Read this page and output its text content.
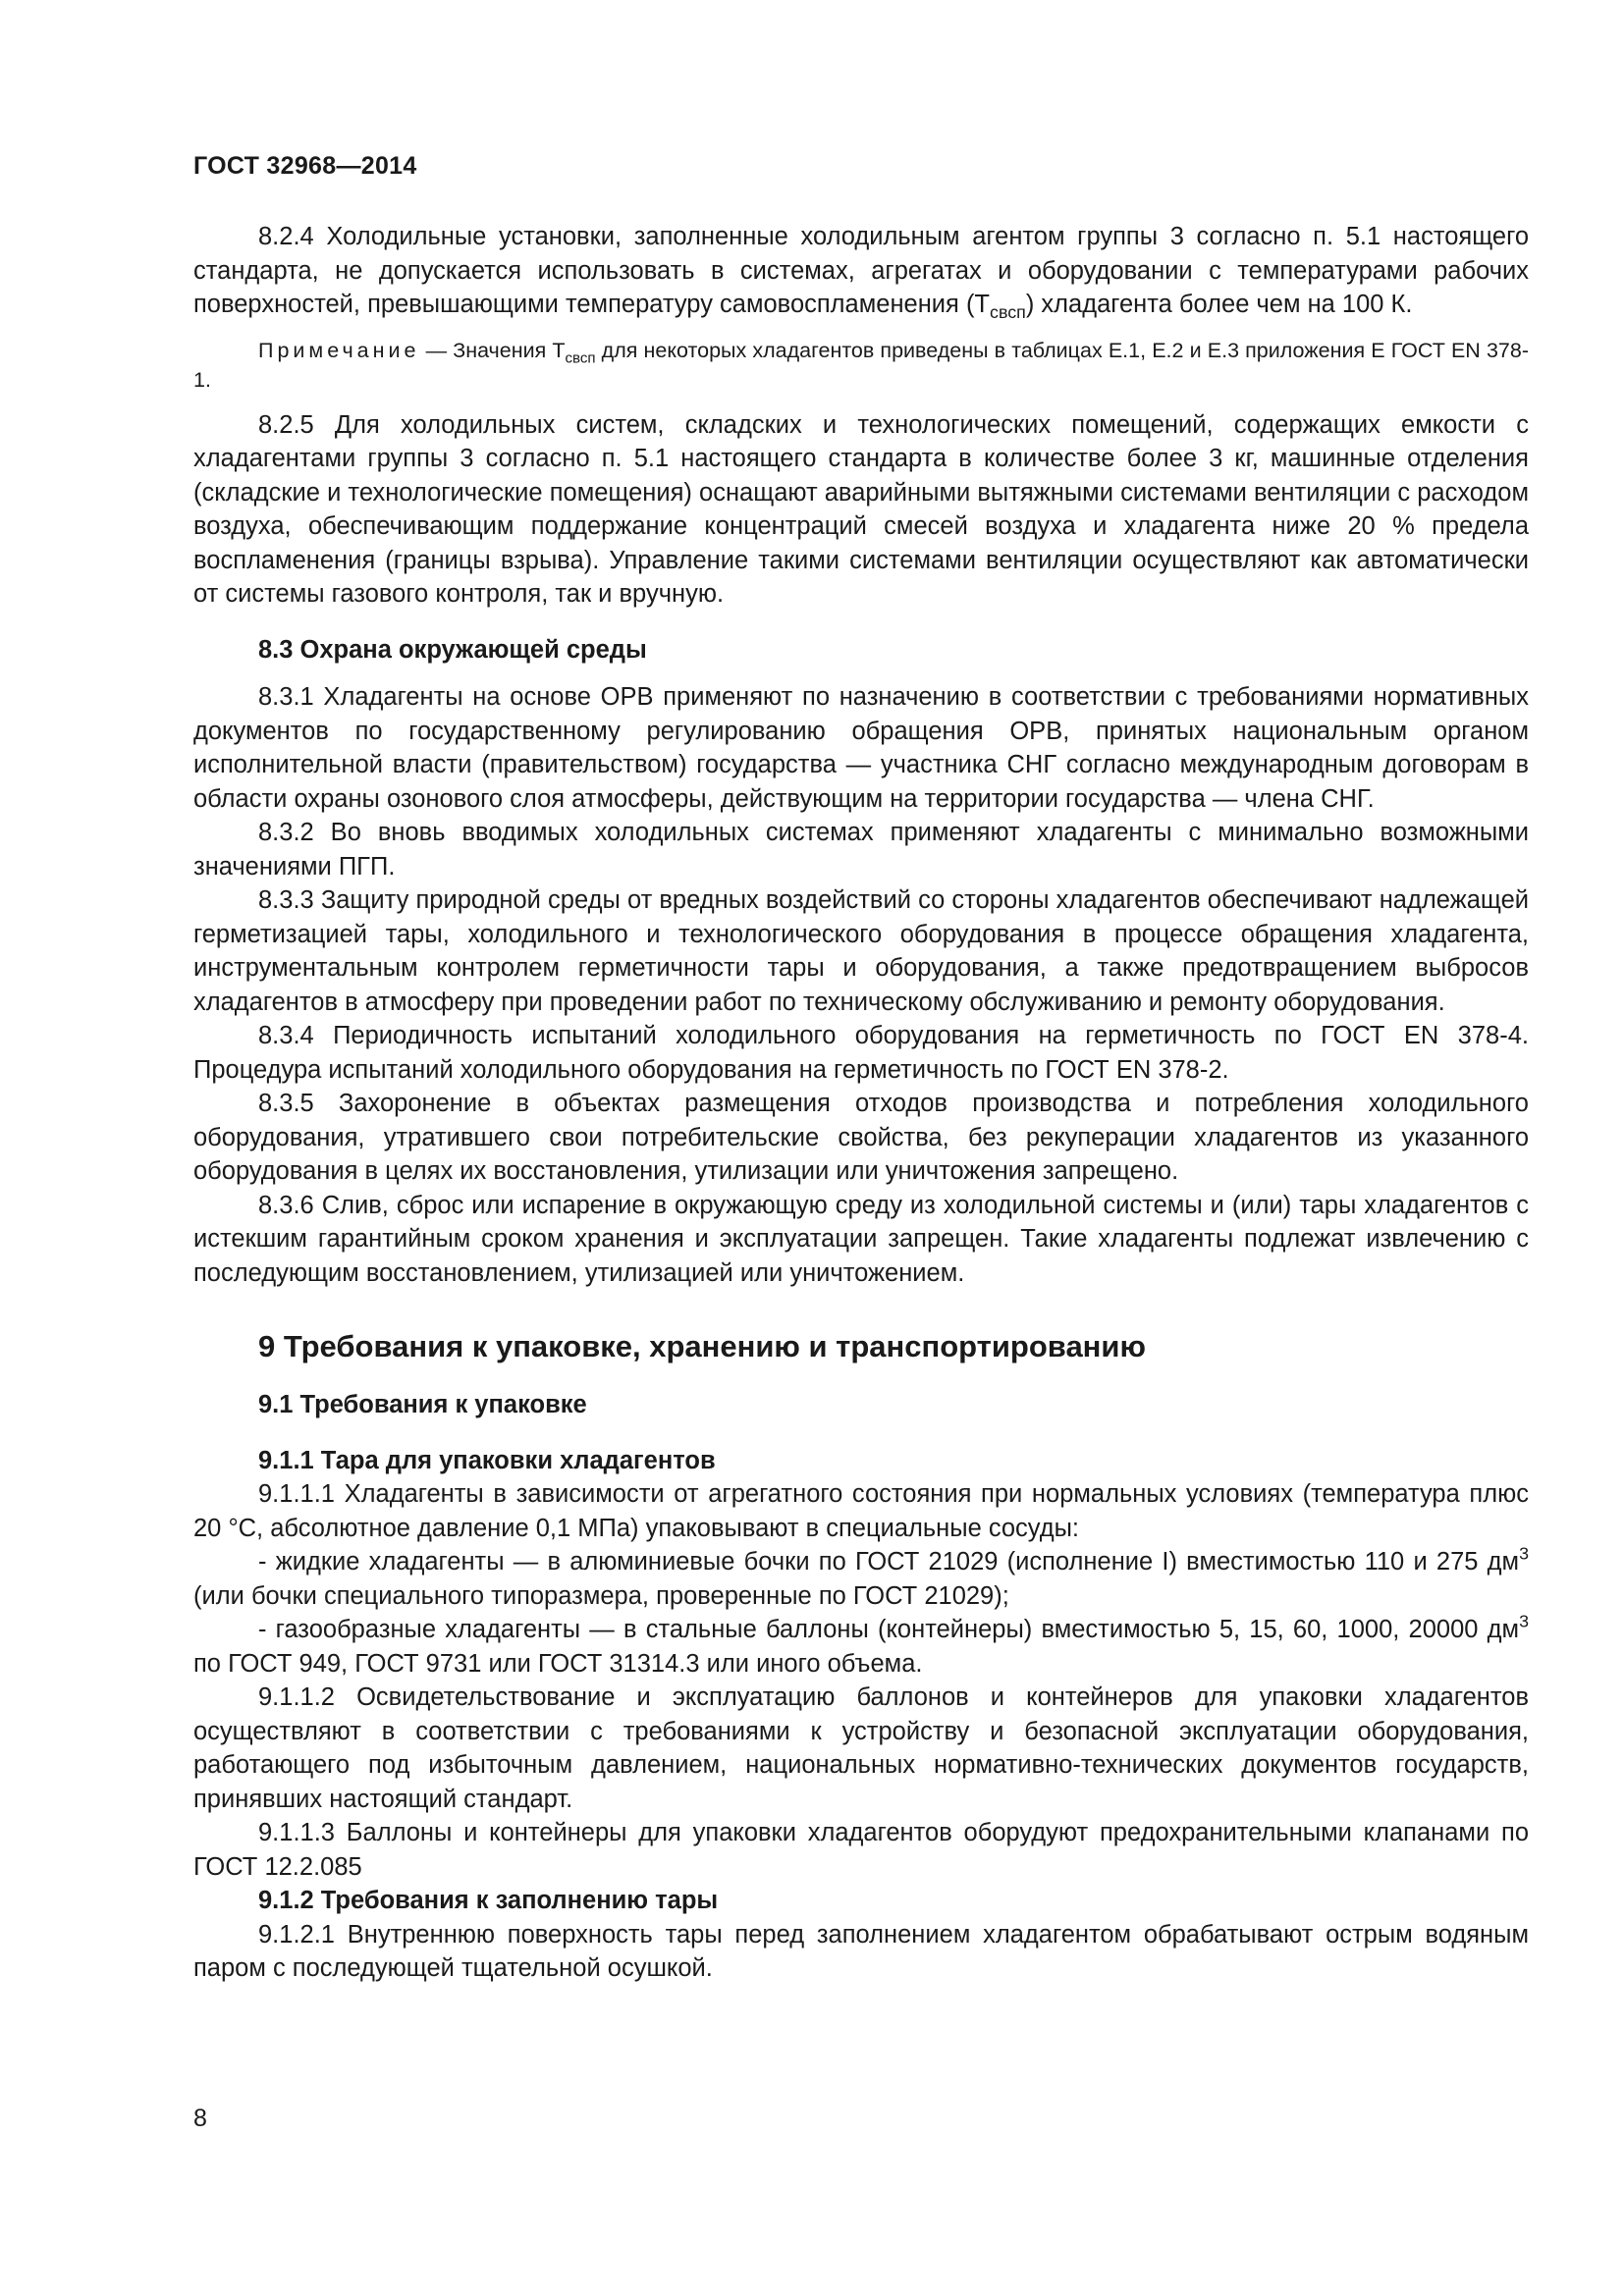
ГОСТ 32968—2014

8.2.4 Холодильные установки, заполненные холодильным агентом группы 3 согласно п. 5.1 настоящего стандарта, не допускается использовать в системах, агрегатах и оборудовании с температурами рабочих поверхностей, превышающими температуру самовоспламенения $(Т_{свсп})$ хладагента более чем на 100 К.

Примечание — Значения $Т_{свсп}$ для некоторых хладагентов приведены в таблицах Е.1, Е.2 и Е.3 приложения Е ГОСТ EN 378-1.

8.2.5 Для холодильных систем, складских и технологических помещений, содержащих емкости с хладагентами группы 3 согласно п. 5.1 настоящего стандарта в количестве более 3 кг, машинные отделения (складские и технологические помещения) оснащают аварийными вытяжными системами вентиляции с расходом воздуха, обеспечивающим поддержание концентраций смесей воздуха и хладагента ниже 20 % предела воспламенения (границы взрыва). Управление такими системами вентиляции осуществляют как автоматически от системы газового контроля, так и вручную.

8.3 Охрана окружающей среды

8.3.1 Хладагенты на основе ОРВ применяют по назначению в соответствии с требованиями нормативных документов по государственному регулированию обращения ОРВ, принятых национальным органом исполнительной власти (правительством) государства — участника СНГ согласно международным договорам в области охраны озонового слоя атмосферы, действующим на территории государства — члена СНГ.

8.3.2 Во вновь вводимых холодильных системах применяют хладагенты с минимально возможными значениями ПГП.

8.3.3 Защиту природной среды от вредных воздействий со стороны хладагентов обеспечивают надлежащей герметизацией тары, холодильного и технологического оборудования в процессе обращения хладагента, инструментальным контролем герметичности тары и оборудования, а также предотвращением выбросов хладагентов в атмосферу при проведении работ по техническому обслуживанию и ремонту оборудования.

8.3.4 Периодичность испытаний холодильного оборудования на герметичность по ГОСТ EN 378-4. Процедура испытаний холодильного оборудования на герметичность по ГОСТ EN 378-2.

8.3.5 Захоронение в объектах размещения отходов производства и потребления холодильного оборудования, утратившего свои потребительские свойства, без рекуперации хладагентов из указанного оборудования в целях их восстановления, утилизации или уничтожения запрещено.

8.3.6 Слив, сброс или испарение в окружающую среду из холодильной системы и (или) тары хладагентов с истекшим гарантийным сроком хранения и эксплуатации запрещен. Такие хладагенты подлежат извлечению с последующим восстановлением, утилизацией или уничтожением.

9 Требования к упаковке, хранению и транспортированию

9.1 Требования к упаковке

9.1.1 Тара для упаковки хладагентов

9.1.1.1 Хладагенты в зависимости от агрегатного состояния при нормальных условиях (температура плюс 20 °С, абсолютное давление 0,1 МПа) упаковывают в специальные сосуды:

- жидкие хладагенты — в алюминиевые бочки по ГОСТ 21029 (исполнение I) вместимостью 110 и 275 $дм^3$ (или бочки специального типоразмера, проверенные по ГОСТ 21029);

- газообразные хладагенты — в стальные баллоны (контейнеры) вместимостью 5, 15, 60, 1000, 20000 $дм^3$ по ГОСТ 949, ГОСТ 9731 или ГОСТ 31314.3 или иного объема.

9.1.1.2 Освидетельствование и эксплуатацию баллонов и контейнеров для упаковки хладагентов осуществляют в соответствии с требованиями к устройству и безопасной эксплуатации оборудования, работающего под избыточным давлением, национальных нормативно-технических документов государств, принявших настоящий стандарт.

9.1.1.3 Баллоны и контейнеры для упаковки хладагентов оборудуют предохранительными клапанами по ГОСТ 12.2.085

9.1.2 Требования к заполнению тары

9.1.2.1 Внутреннюю поверхность тары перед заполнением хладагентом обрабатывают острым водяным паром с последующей тщательной осушкой.

8
